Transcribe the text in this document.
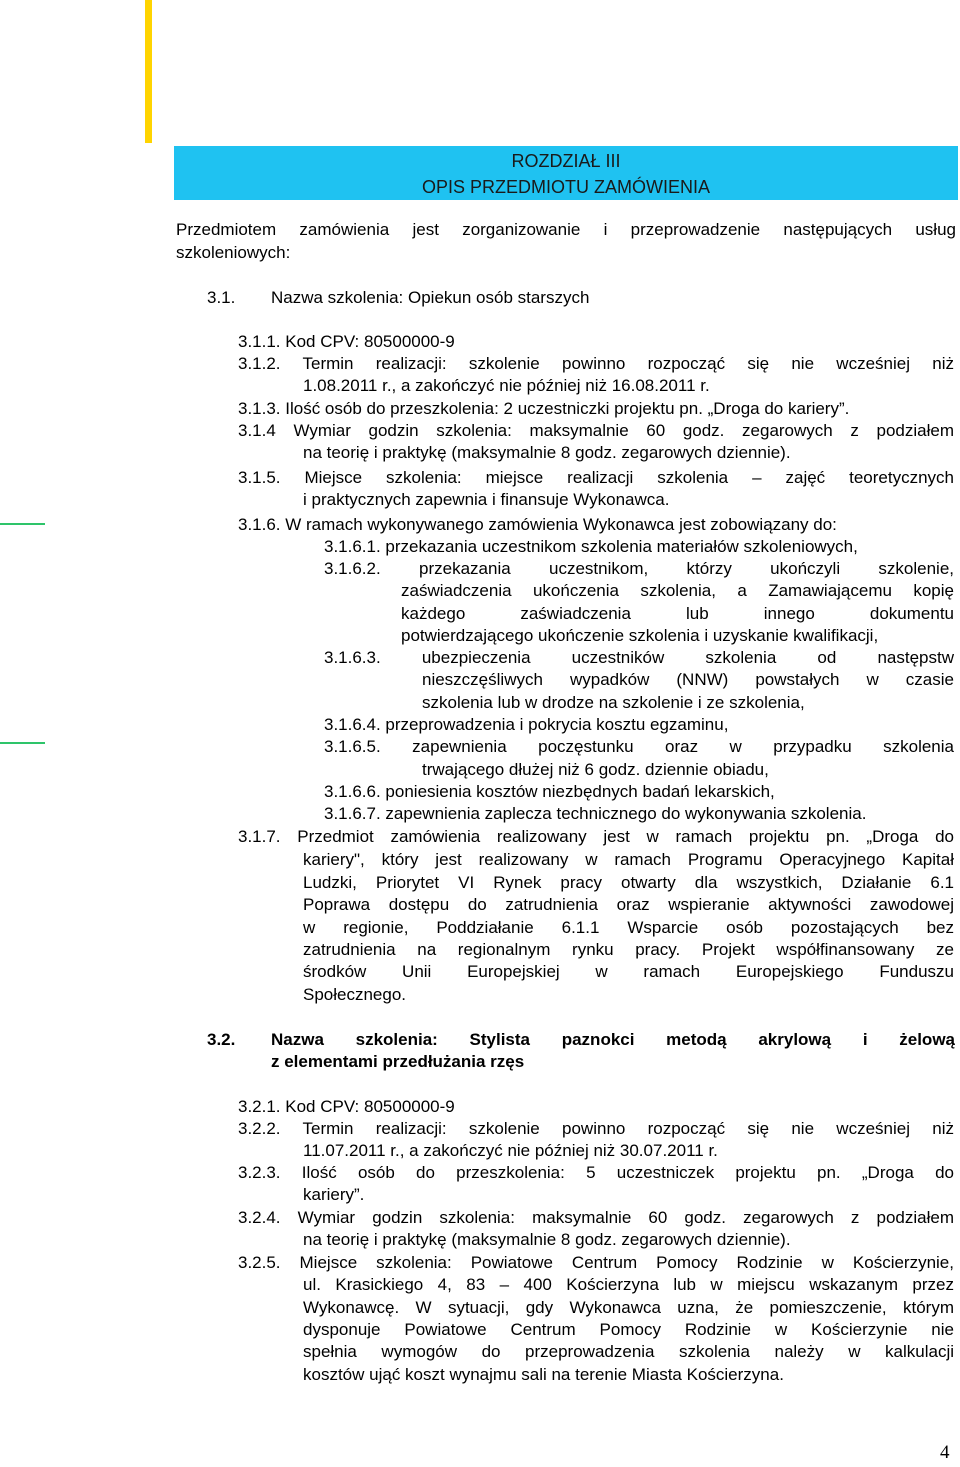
ROZDZIAŁ III
OPIS PRZEDMIOTU ZAMÓWIENIA
Przedmiotem zamówienia jest zorganizowanie i przeprowadzenie następujących usług
szkoleniowych:
3.1. Nazwa szkolenia: Opiekun osób starszych
3.1.1. Kod CPV: 80500000-9
3.1.2. Termin realizacji: szkolenie powinno rozpocząć się nie wcześniej niż
1.08.2011 r., a zakończyć nie później niż 16.08.2011 r.
3.1.3. Ilość osób do przeszkolenia: 2 uczestniczki projektu pn. „Droga do kariery”.
3.1.4 Wymiar godzin szkolenia: maksymalnie 60 godz. zegarowych z podziałem
na teorię i praktykę (maksymalnie 8 godz. zegarowych dziennie).
3.1.5. Miejsce szkolenia: miejsce realizacji szkolenia – zajęć teoretycznych
i praktycznych zapewnia i finansuje Wykonawca.
3.1.6. W ramach wykonywanego zamówienia Wykonawca jest zobowiązany do:
3.1.6.1. przekazania uczestnikom szkolenia materiałów szkoleniowych,
3.1.6.2. przekazania uczestnikom, którzy ukończyli szkolenie,
zaświadczenia ukończenia szkolenia, a Zamawiającemu kopię
każdego zaświadczenia lub innego dokumentu
potwierdzającego ukończenie szkolenia i uzyskanie kwalifikacji,
3.1.6.3. ubezpieczenia uczestników szkolenia od następstw
nieszczęśliwych wypadków (NNW) powstałych w czasie
szkolenia lub w drodze na szkolenie i ze szkolenia,
3.1.6.4. przeprowadzenia i pokrycia kosztu egzaminu,
3.1.6.5. zapewnienia poczęstunku oraz w przypadku szkolenia
trwającego dłużej niż 6 godz. dziennie obiadu,
3.1.6.6. poniesienia kosztów niezbędnych badań lekarskich,
3.1.6.7. zapewnienia zaplecza technicznego do wykonywania szkolenia.
3.1.7. Przedmiot zamówienia realizowany jest w ramach projektu pn. „Droga do
kariery", który jest realizowany w ramach Programu Operacyjnego Kapitał
Ludzki, Priorytet VI Rynek pracy otwarty dla wszystkich, Działanie 6.1
Poprawa dostępu do zatrudnienia oraz wspieranie aktywności zawodowej
w regionie, Poddziałanie 6.1.1 Wsparcie osób pozostających bez
zatrudnienia na regionalnym rynku pracy. Projekt współfinansowany ze
środków Unii Europejskiej w ramach Europejskiego Funduszu
Społecznego.
3.2. Nazwa szkolenia: Stylista paznokci metodą akrylową i żelową
z elementami przedłużania rzęs
3.2.1. Kod CPV: 80500000-9
3.2.2. Termin realizacji: szkolenie powinno rozpocząć się nie wcześniej niż
11.07.2011 r., a zakończyć nie później niż 30.07.2011 r.
3.2.3. Ilość osób do przeszkolenia: 5 uczestniczek projektu pn. „Droga do
kariery”.
3.2.4. Wymiar godzin szkolenia: maksymalnie 60 godz. zegarowych z podziałem
na teorię i praktykę (maksymalnie 8 godz. zegarowych dziennie).
3.2.5. Miejsce szkolenia: Powiatowe Centrum Pomocy Rodzinie w Kościerzynie,
ul. Krasickiego 4, 83 – 400 Kościerzyna lub w miejscu wskazanym przez
Wykonawcę. W sytuacji, gdy Wykonawca uzna, że pomieszczenie, którym
dysponuje Powiatowe Centrum Pomocy Rodzinie w Kościerzynie nie
spełnia wymogów do przeprowadzenia szkolenia należy w kalkulacji
kosztów ująć koszt wynajmu sali na terenie Miasta Kościerzyna.
4
